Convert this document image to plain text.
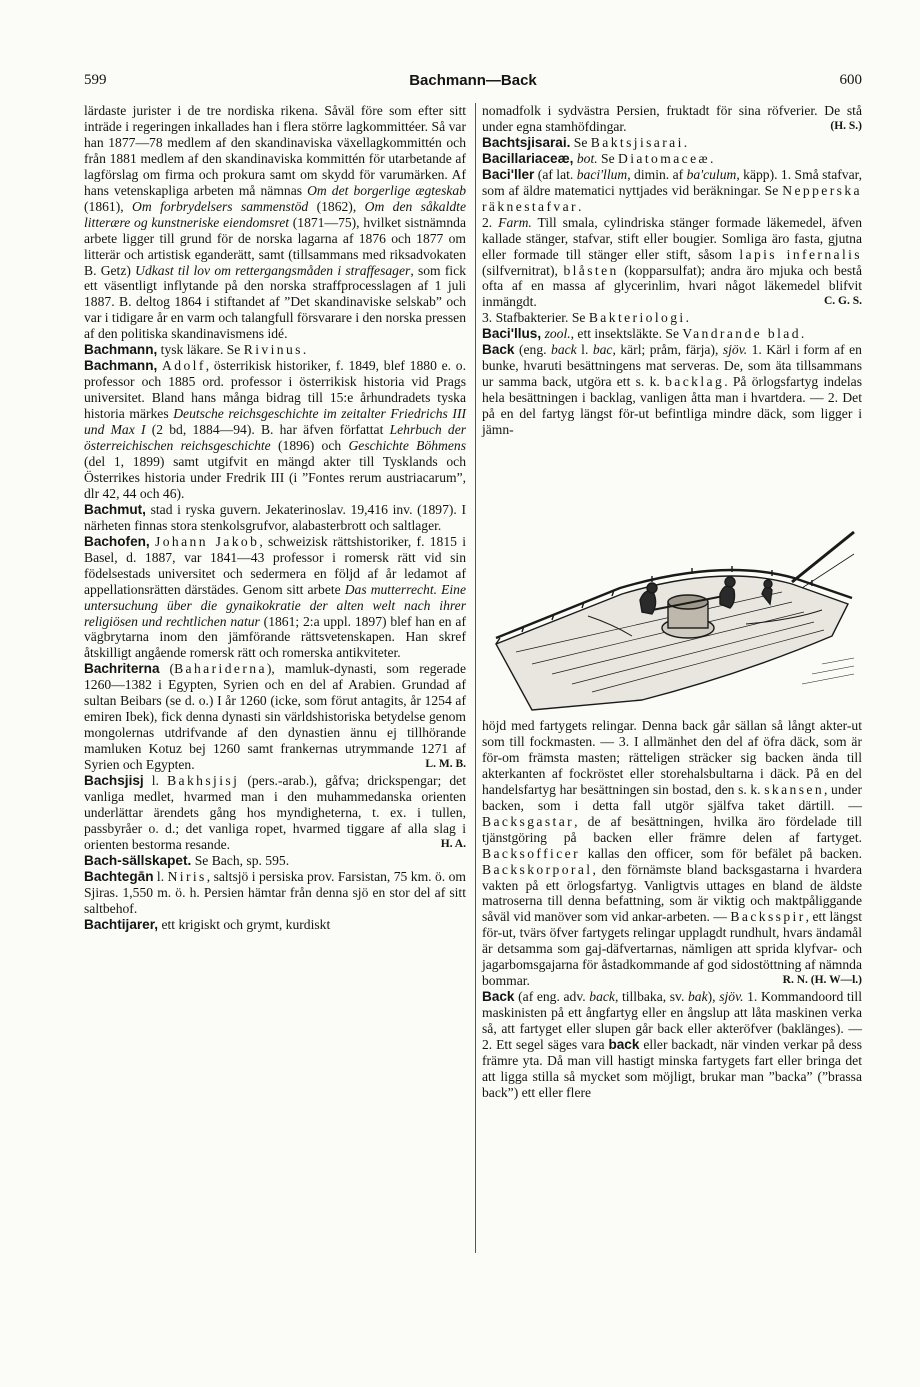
599	Bachmann—Back	600

lärdaste jurister i de tre nordiska rikena. Såväl före som efter sitt inträde i regeringen inkallades han i flera större lagkommittéer. Så var han 1877—78 medlem af den skandinaviska växellagkommittén och från 1881 medlem af den skandinaviska kommittén för utarbetande af lagförslag om firma och prokura samt om skydd för varumärken. Af hans vetenskapliga arbeten må nämnas Om det borgerlige ægteskab (1861), Om forbrydelsers sammenstöd (1862), Om den såkaldte litterære og kunstneriske eiendomsret (1871—75), hvilket sistnämnda arbete ligger till grund för de norska lagarna af 1876 och 1877 om litterär och artistisk eganderätt, samt (tillsammans med riksadvokaten B. Getz) Udkast til lov om rettergangsmåden i straffesager, som fick ett väsentligt inflytande på den norska straffprocesslagen af 1 juli 1887. B. deltog 1864 i stiftandet af ”Det skandinaviske selskab” och var i tidigare år en varm och talangfull försvarare i den norska pressen af den politiska skandinavismens idé.

Bachmann, tysk läkare. Se Rivinus.

Bachmann, Adolf, österrikisk historiker, f. 1849, blef 1880 e. o. professor och 1885 ord. professor i österrikisk historia vid Prags universitet. Bland hans många bidrag till 15:e århundradets tyska historia märkes Deutsche reichsgeschichte im zeitalter Friedrichs III und Max I (2 bd, 1884—94). B. har äfven författat Lehrbuch der österreichischen reichsgeschichte (1896) och Geschichte Böhmens (del 1, 1899) samt utgifvit en mängd akter till Tysklands och Österrikes historia under Fredrik III (i ”Fontes rerum austriacarum”, dlr 42, 44 och 46).

Bachmut, stad i ryska guvern. Jekaterinoslav. 19,416 inv. (1897). I närheten finnas stora stenkolsgrufvor, alabasterbrott och saltlager.

Bachofen, Johann Jakob, schweizisk rättshistoriker, f. 1815 i Basel, d. 1887, var 1841—43 professor i romersk rätt vid sin födelsestads universitet och sedermera en följd af år ledamot af appellationsrätten därstädes. Genom sitt arbete Das mutterrecht. Eine untersuchung über die gynaikokratie der alten welt nach ihrer religiösen und rechtlichen natur (1861; 2:a uppl. 1897) blef han en af vägbrytarna inom den jämförande rättsvetenskapen. Han skref åtskilligt angående romersk rätt och romerska antikviteter.

Bachriterna (Bahariderna), mamluk-dynasti, som regerade 1260—1382 i Egypten, Syrien och en del af Arabien. Grundad af sultan Beibars (se d. o.) I år 1260 (icke, som förut antagits, år 1254 af emiren Ibek), fick denna dynasti sin världshistoriska betydelse genom mongolernas utdrifvande af den dynastien ännu ej tillhörande mamluken Kotuz bej 1260 samt frankernas utrymmande 1271 af Syrien och Egypten.	L. M. B.

Bachsjisj l. Bakhsjisj (pers.-arab.), gåfva; drickspengar; det vanliga medlet, hvarmed man i den muhammedanska orienten underlättar ärendets gång hos myndigheterna, t. ex. i tullen, passbyråer o. d.; det vanliga ropet, hvarmed tiggare af alla slag i orienten bestorma resande.	H. A.

Bach-sällskapet. Se Bach, sp. 595.

Bachtegān l. Niris, saltsjö i persiska prov. Farsistan, 75 km. ö. om Sjiras. 1,550 m. ö. h. Persien hämtar från denna sjö en stor del af sitt saltbehof.

Bachtijarer, ett krigiskt och grymt, kurdiskt

nomadfolk i sydvästra Persien, fruktadt för sina röfverier. De stå under egna stamhöfdingar.	(H. S.)

Bachtsjisarai. Se Baktsjisarai.

Bacillariaceæ, bot. Se Diatomaceæ.

Baci'ller (af lat. baci'llum, dimin. af ba'culum, käpp). 1. Små stafvar, som af äldre matematici nyttjades vid beräkningar. Se Nepperska räknestafvar.

2. Farm. Till smala, cylindriska stänger formade läkemedel, äfven kallade stänger, stafvar, stift eller bougier. Somliga äro fasta, gjutna eller formade till stänger eller stift, såsom lapis infernalis (silfvernitrat), blåsten (kopparsulfat); andra äro mjuka och bestå ofta af en massa af glycerinlim, hvari något läkemedel blifvit inmängdt.	C. G. S.

3. Stafbakterier. Se Bakteriologi.

Baci'llus, zool., ett insektsläkte. Se Vandrande blad.

Back (eng. back l. bac, kärl; pråm, färja), sjöv. 1. Kärl i form af en bunke, hvaruti besättningens mat serveras. De, som äta tillsammans ur samma back, utgöra ett s. k. backlag. På örlogsfartyg indelas hela besättningen i backlag, vanligen åtta man i hvartdera. — 2. Det på en del fartyg längst för-ut befintliga mindre däck, som ligger i jämn-

höjd med fartygets relingar. Denna back går sällan så långt akter-ut som till fockmasten. — 3. I allmänhet den del af öfra däck, som är för-om främsta masten; rätteligen sträcker sig backen ända till akterkanten af fockröstet eller storehalsbultarna i däck. På en del handelsfartyg har besättningen sin bostad, den s. k. skansen, under backen, som i detta fall utgör själfva taket därtill. — Backsgastar, de af besättningen, hvilka äro fördelade till tjänstgöring på backen eller främre delen af fartyget. Backsofficer kallas den officer, som för befälet på backen. Backskorporal, den förnämste bland backsgastarna i hvardera vakten på ett örlogsfartyg. Vanligtvis uttages en bland de äldste matroserna till denna befattning, som är viktig och maktpåliggande såväl vid manöver som vid ankar-arbeten. — Backsspir, ett längst för-ut, tvärs öfver fartygets relingar upplagdt rundhult, hvars ändamål är detsamma som gaj-däfvertarnas, nämligen att sprida klyfvar- och jagarbomsgajarna för åstadkommande af god sidostöttning af nämnda bommar.	R. N. (H. W—l.)

Back (af eng. adv. back, tillbaka, sv. bak), sjöv. 1. Kommandoord till maskinisten på ett ångfartyg eller en ångslup att låta maskinen verka så, att fartyget eller slupen går back eller akteröfver (baklänges). — 2. Ett segel säges vara back eller backadt, när vinden verkar på dess främre yta. Då man vill hastigt minska fartygets fart eller bringa det att ligga stilla så mycket som möjligt, brukar man ”backa” (”brassa back”) ett eller flere
